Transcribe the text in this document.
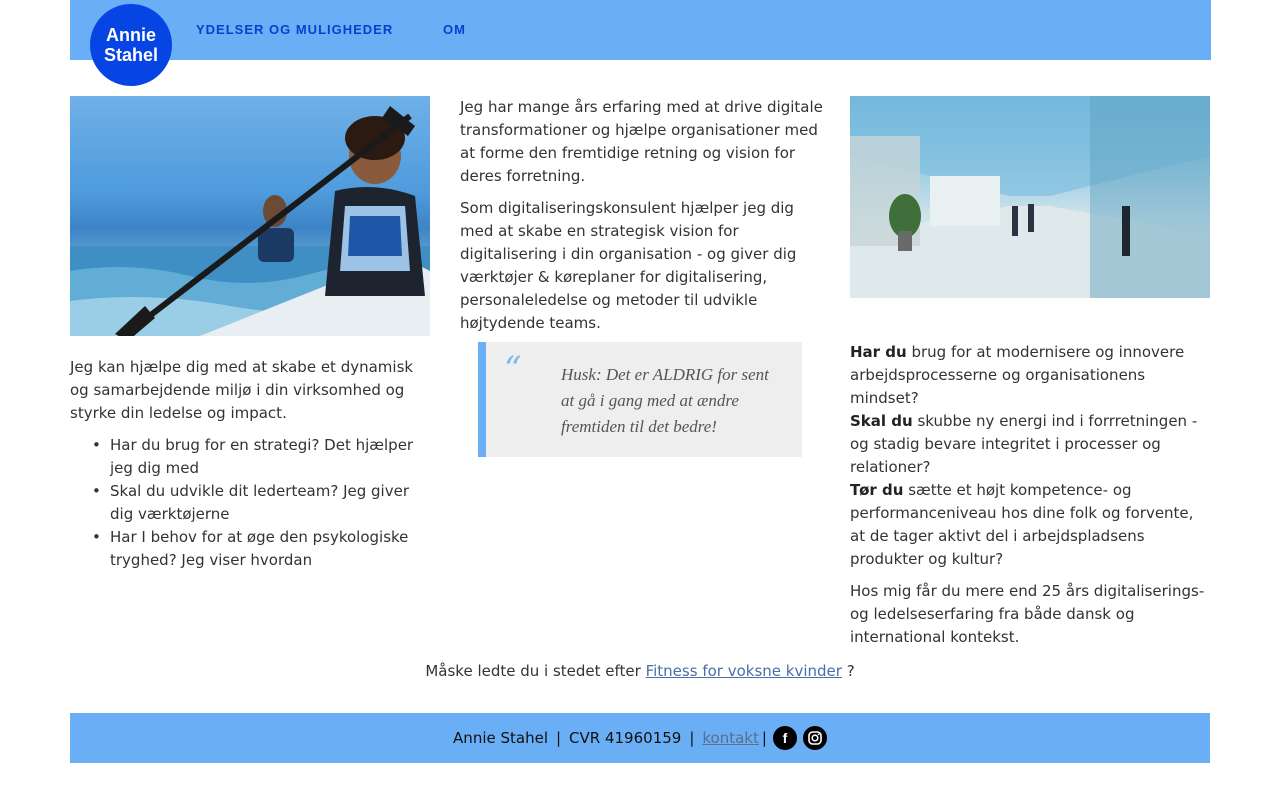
Annie
Stahel
YDELSER OG MULIGHEDER	OM

Jeg kan hjælpe dig med at skabe et dynamisk og samarbejdende miljø i din virksomhed og styrke din ledelse og impact.

• Har du brug for en strategi? Det hjælper jeg dig med
• Skal du udvikle dit lederteam? Jeg giver dig værktøjerne
• Har I behov for at øge den psykologiske tryghed? Jeg viser hvordan

Jeg har mange års erfaring med at drive digitale transformationer og hjælpe organisationer med at forme den fremtidige retning og vision for deres forretning.

Som digitaliseringskonsulent hjælper jeg dig med at skabe en strategisk vision for digitalisering i din organisation - og giver dig værktøjer & køreplaner for digitalisering, personaleledelse og metoder til udvikle højtydende teams.

“ Husk: Det er ALDRIG for sent at gå i gang med at ændre fremtiden til det bedre!

Har du brug for at modernisere og innovere arbejdsprocesserne og organisationens mindset?
Skal du skubbe ny energi ind i forrretningen - og stadig bevare integritet i processer og relationer?
Tør du sætte et højt kompetence- og performanceniveau hos dine folk og forvente, at de tager aktivt del i arbejdspladsens produkter og kultur?

Hos mig får du mere end 25 års digitaliserings- og ledelseserfaring fra både dansk og international kontekst.

Måske ledte du i stedet efter Fitness for voksne kvinder ?
Annie Stahel | CVR 41960159 | kontakt |	f
